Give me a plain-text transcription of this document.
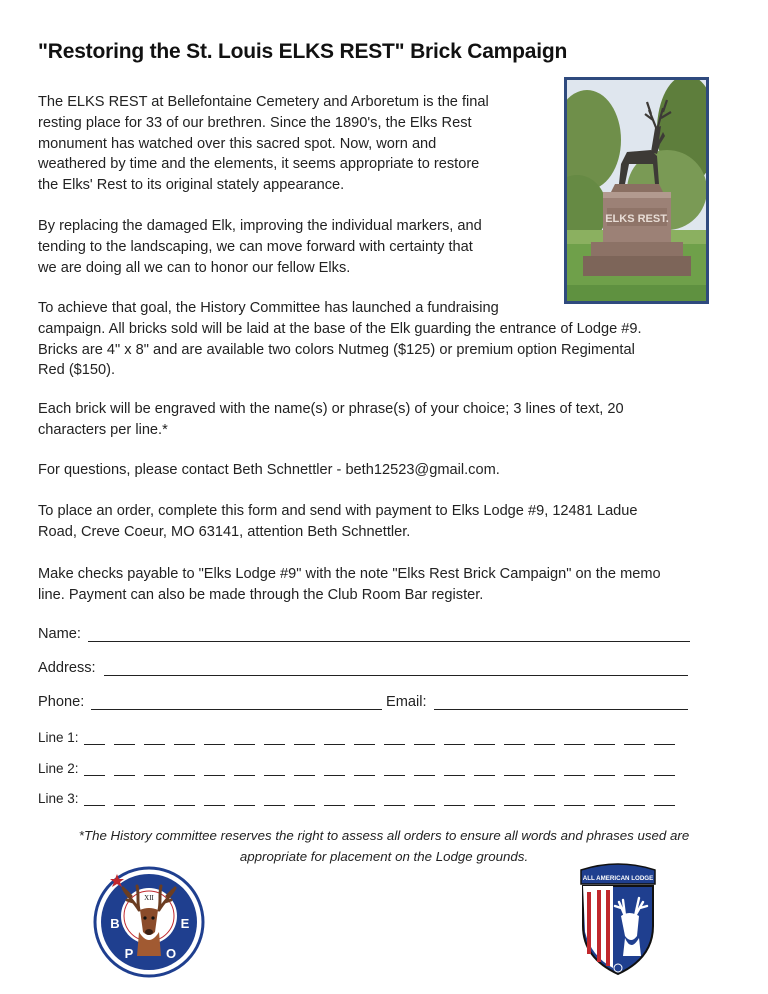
"Restoring the St. Louis ELKS REST" Brick Campaign

The ELKS REST at Bellefontaine Cemetery and Arboretum is the final
resting place for 33 of our brethren. Since the 1890's, the Elks Rest
monument has watched over this sacred spot. Now, worn and
weathered by time and the elements, it seems appropriate to restore
the Elks' Rest to its original stately appearance.

By replacing the damaged Elk, improving the individual markers, and
tending to the landscaping, we can move forward with certainty that
we are doing all we can to honor our fellow Elks.

To achieve that goal, the History Committee has launched a fundraising
campaign. All bricks sold will be laid at the base of the Elk guarding the entrance of Lodge #9.
Bricks are 4" x 8" and are available two colors Nutmeg ($125) or premium option Regimental
Red ($150).

Each brick will be engraved with the name(s) or phrase(s) of your choice; 3 lines of text, 20
characters per line.*

For questions, please contact Beth Schnettler - beth12523@gmail.com.

To place an order, complete this form and send with payment to Elks Lodge #9, 12481 Ladue
Road, Creve Coeur, MO 63141, attention Beth Schnettler.

Make checks payable to "Elks Lodge #9" with the note "Elks Rest Brick Campaign" on the memo
line. Payment can also be made through the Club Room Bar register.

ELKS REST.
Name:
Address:
Phone:	Email:
Line 1:
Line 2:
Line 3:
*The History committee reserves the right to assess all orders to ensure all words and phrases used are
appropriate for placement on the Lodge grounds.
XII
B
P	O
E
ALL AMERICAN LODGE
